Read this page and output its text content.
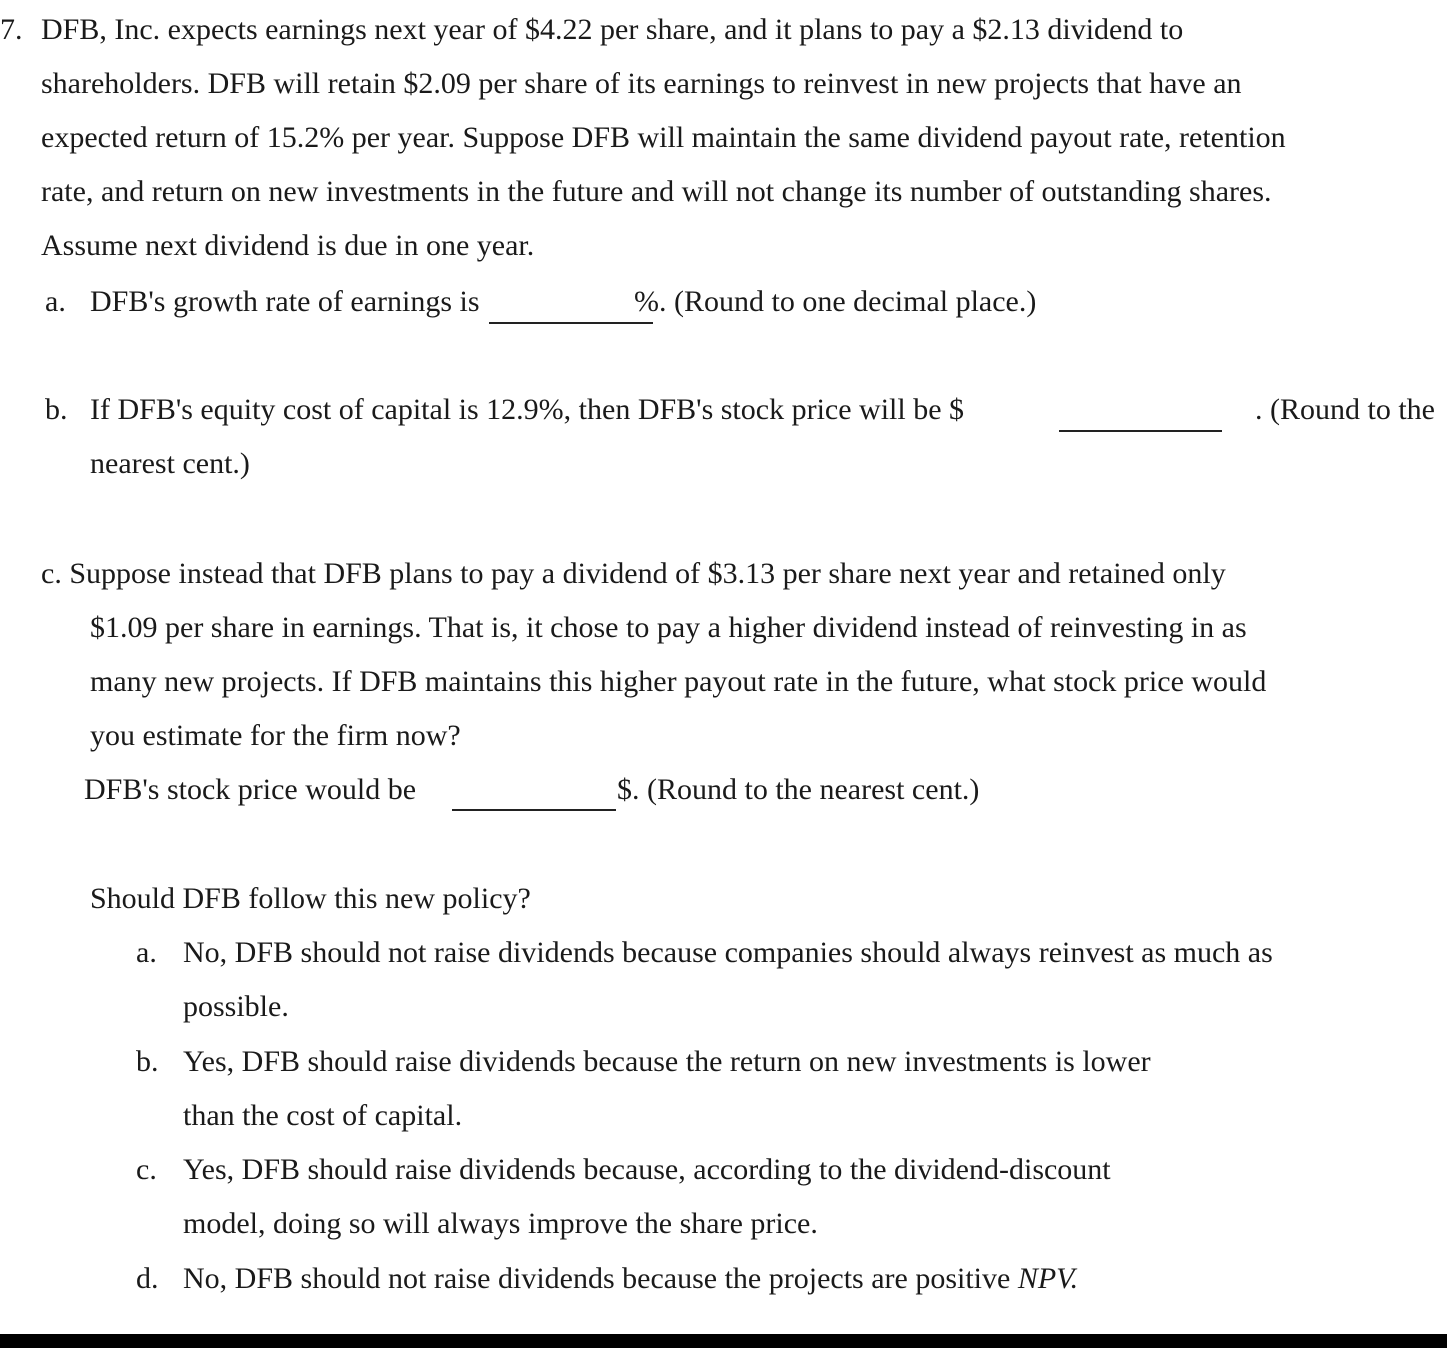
7. DFB, Inc. expects earnings next year of $4.22 per share, and it plans to pay a $2.13 dividend to
shareholders. DFB will retain $2.09 per share of its earnings to reinvest in new projects that have an
expected return of 15.2% per year. Suppose DFB will maintain the same dividend payout rate, retention
rate, and return on new investments in the future and will not change its number of outstanding shares.
Assume next dividend is due in one year.
a. DFB's growth rate of earnings is	%. (Round to one decimal place.)
b. If DFB's equity cost of capital is 12.9%, then DFB's stock price will be $	. (Round to the
nearest cent.)
c. Suppose instead that DFB plans to pay a dividend of $3.13 per share next year and retained only
$1.09 per share in earnings. That is, it chose to pay a higher dividend instead of reinvesting in as
many new projects. If DFB maintains this higher payout rate in the future, what stock price would
you estimate for the firm now?
DFB's stock price would be	$. (Round to the nearest cent.)
Should DFB follow this new policy?
a. No, DFB should not raise dividends because companies should always reinvest as much as
possible.
b. Yes, DFB should raise dividends because the return on new investments is lower
than the cost of capital.
c. Yes, DFB should raise dividends because, according to the dividend-discount
model, doing so will always improve the share price.
d. No, DFB should not raise dividends because the projects are positive NPV.
